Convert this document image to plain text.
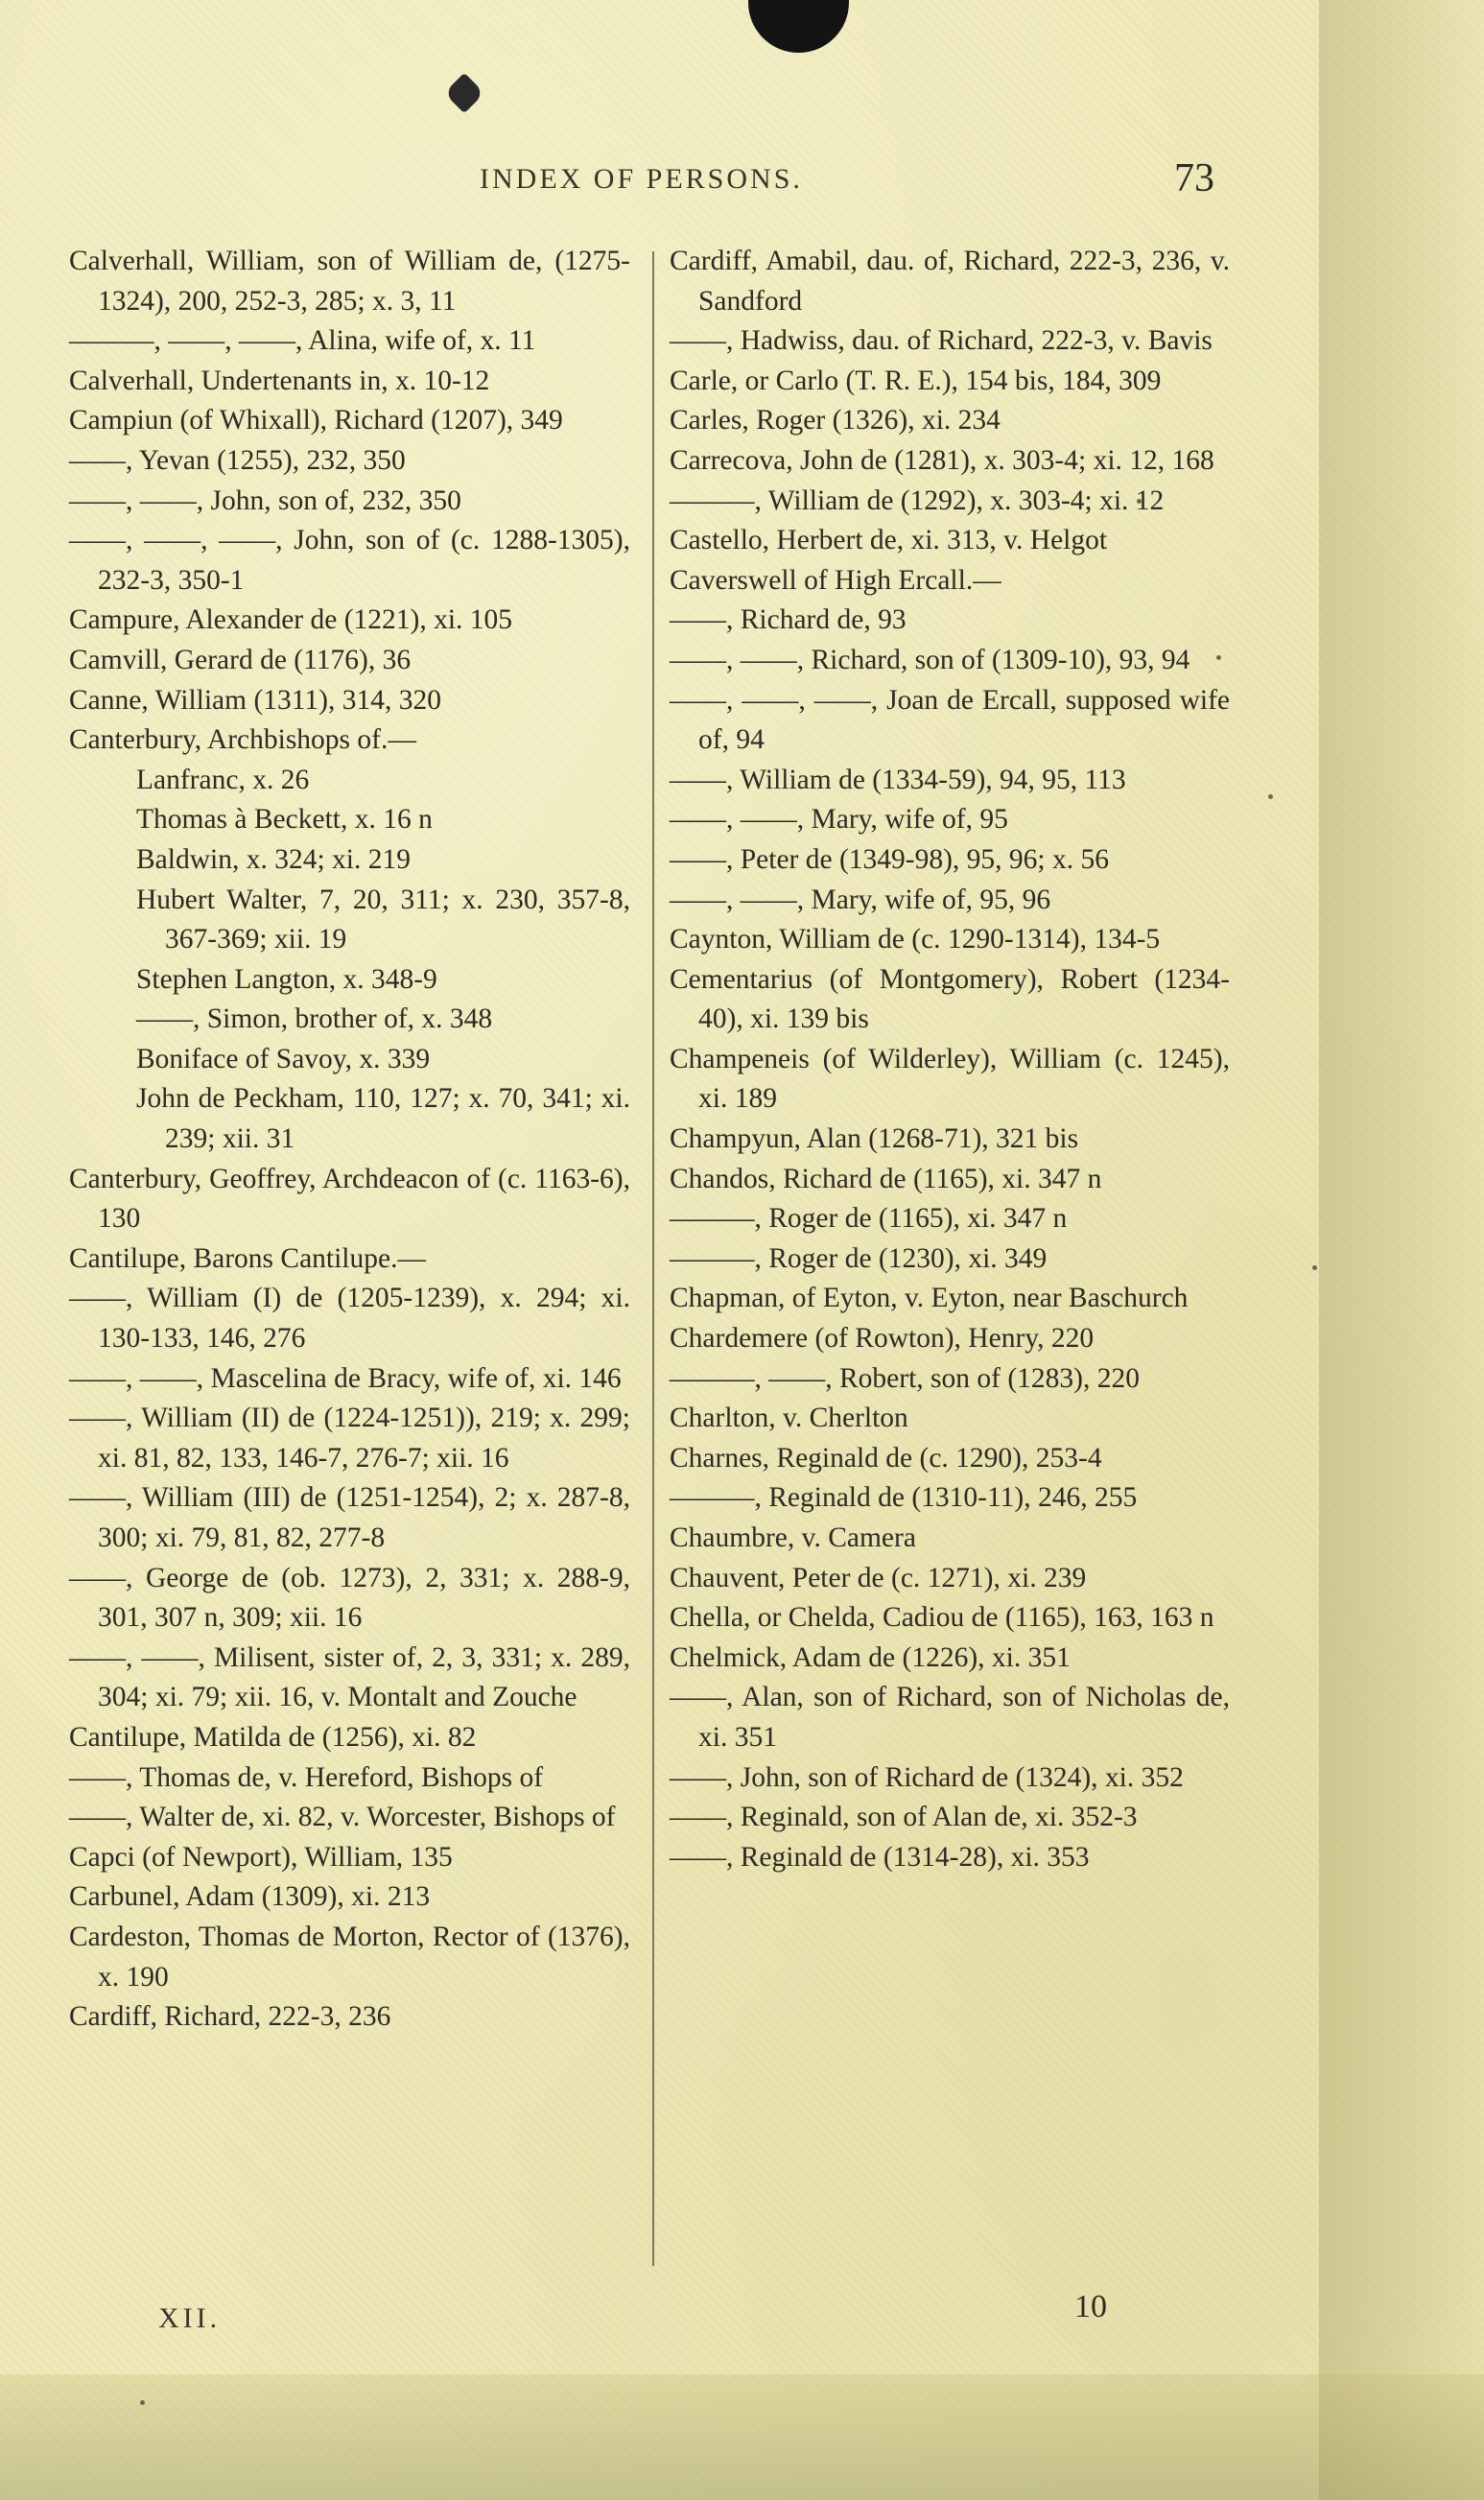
INDEX OF PERSONS.	73

Calverhall, William, son of William de, (1275-1324), 200, 252-3, 285; x. 3, 11

———, ——, ——, Alina, wife of, x. 11

Calverhall, Undertenants in, x. 10-12

Campiun (of Whixall), Richard (1207), 349

——, Yevan (1255), 232, 350

——, ——, John, son of, 232, 350

——, ——, ——, John, son of (c. 1288-1305), 232-3, 350-1

Campure, Alexander de (1221), xi. 105

Camvill, Gerard de (1176), 36

Canne, William (1311), 314, 320

Canterbury, Archbishops of.—

Lanfranc, x. 26

Thomas à Beckett, x. 16 n

Baldwin, x. 324; xi. 219

Hubert Walter, 7, 20, 311; x. 230, 357-8, 367-369; xii. 19

Stephen Langton, x. 348-9

——, Simon, brother of, x. 348

Boniface of Savoy, x. 339

John de Peckham, 110, 127; x. 70, 341; xi. 239; xii. 31

Canterbury, Geoffrey, Archdeacon of (c. 1163-6), 130

Cantilupe, Barons Cantilupe.—

——, William (I) de (1205-1239), x. 294; xi. 130-133, 146, 276

——, ——, Mascelina de Bracy, wife of, xi. 146

——, William (II) de (1224-1251)), 219; x. 299; xi. 81, 82, 133, 146-7, 276-7; xii. 16

——, William (III) de (1251-1254), 2; x. 287-8, 300; xi. 79, 81, 82, 277-8

——, George de (ob. 1273), 2, 331; x. 288-9, 301, 307 n, 309; xii. 16

——, ——, Milisent, sister of, 2, 3, 331; x. 289, 304; xi. 79; xii. 16, v. Montalt and Zouche

Cantilupe, Matilda de (1256), xi. 82

——, Thomas de, v. Hereford, Bishops of

——, Walter de, xi. 82, v. Worcester, Bishops of

Capci (of Newport), William, 135

Carbunel, Adam (1309), xi. 213

Cardeston, Thomas de Morton, Rector of (1376), x. 190

Cardiff, Richard, 222-3, 236

Cardiff, Amabil, dau. of, Richard, 222-3, 236, v. Sandford

——, Hadwiss, dau. of Richard, 222-3, v. Bavis

Carle, or Carlo (T. R. E.), 154 bis, 184, 309

Carles, Roger (1326), xi. 234

Carrecova, John de (1281), x. 303-4; xi. 12, 168

———, William de (1292), x. 303-4; xi. 12

Castello, Herbert de, xi. 313, v. Helgot

Caverswell of High Ercall.—

——, Richard de, 93

——, ——, Richard, son of (1309-10), 93, 94

——, ——, ——, Joan de Ercall, supposed wife of, 94

——, William de (1334-59), 94, 95, 113

——, ——, Mary, wife of, 95

——, Peter de (1349-98), 95, 96; x. 56

——, ——, Mary, wife of, 95, 96

Caynton, William de (c. 1290-1314), 134-5

Cementarius (of Montgomery), Robert (1234-40), xi. 139 bis

Champeneis (of Wilderley), William (c. 1245), xi. 189

Champyun, Alan (1268-71), 321 bis

Chandos, Richard de (1165), xi. 347 n

———, Roger de (1165), xi. 347 n

———, Roger de (1230), xi. 349

Chapman, of Eyton, v. Eyton, near Baschurch

Chardemere (of Rowton), Henry, 220

———, ——, Robert, son of (1283), 220

Charlton, v. Cherlton

Charnes, Reginald de (c. 1290), 253-4

———, Reginald de (1310-11), 246, 255

Chaumbre, v. Camera

Chauvent, Peter de (c. 1271), xi. 239

Chella, or Chelda, Cadiou de (1165), 163, 163 n

Chelmick, Adam de (1226), xi. 351

——, Alan, son of Richard, son of Nicholas de, xi. 351

——, John, son of Richard de (1324), xi. 352

——, Reginald, son of Alan de, xi. 352-3

——, Reginald de (1314-28), xi. 353

XII.	10
